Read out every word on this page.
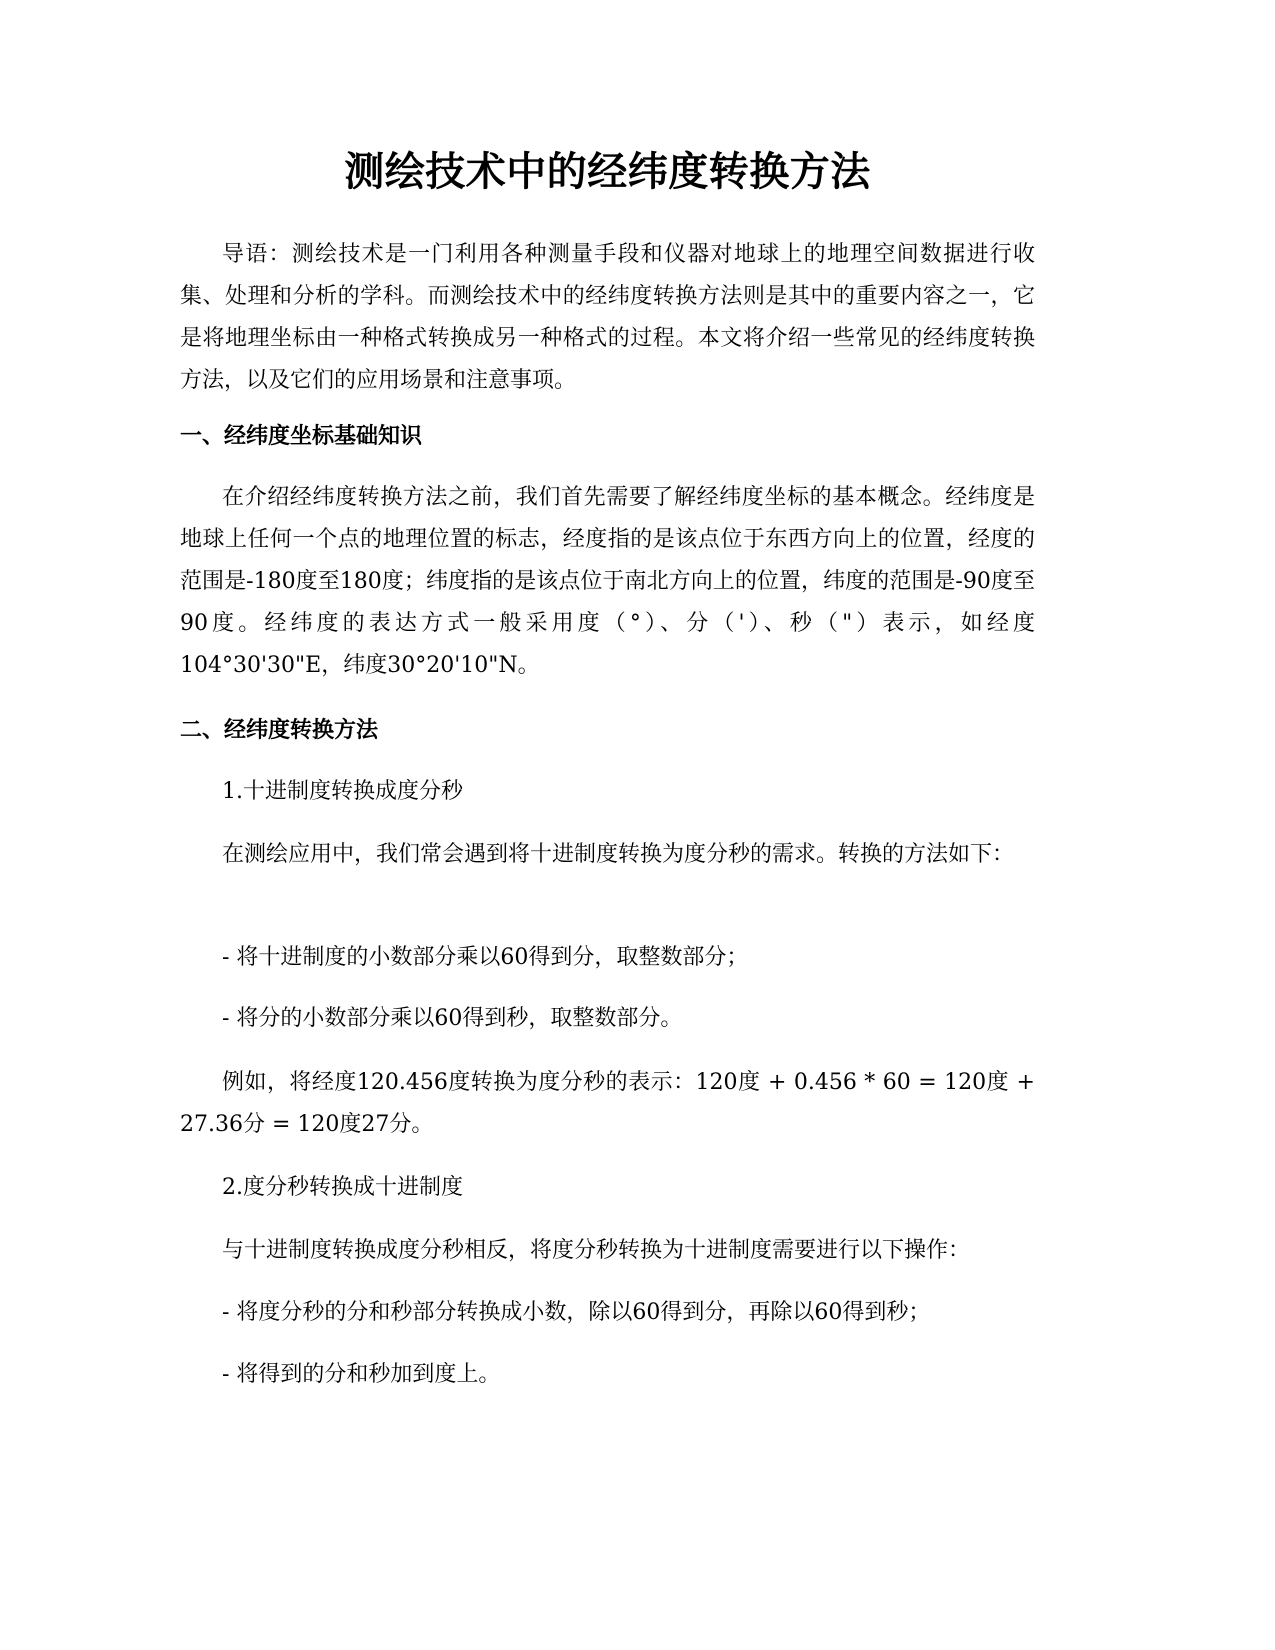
测绘技术中的经纬度转换方法

导语：测绘技术是一门利用各种测量手段和仪器对地球上的地理空间数据进行收集、处理和分析的学科。而测绘技术中的经纬度转换方法则是其中的重要内容之一，它是将地理坐标由一种格式转换成另一种格式的过程。本文将介绍一些常见的经纬度转换方法，以及它们的应用场景和注意事项。

一、经纬度坐标基础知识

在介绍经纬度转换方法之前，我们首先需要了解经纬度坐标的基本概念。经纬度是地球上任何一个点的地理位置的标志，经度指的是该点位于东西方向上的位置，经度的范围是-180度至180度；纬度指的是该点位于南北方向上的位置，纬度的范围是-90度至90度。经纬度的表达方式一般采用度（°）、分（'）、秒（"）表示，如经度104°30'30"E，纬度30°20'10"N。

二、经纬度转换方法

1.十进制度转换成度分秒

在测绘应用中，我们常会遇到将十进制度转换为度分秒的需求。转换的方法如下：

- 将十进制度的小数部分乘以60得到分，取整数部分；

- 将分的小数部分乘以60得到秒，取整数部分。

例如，将经度120.456度转换为度分秒的表示：120度 + 0.456 * 60 = 120度 + 27.36分 = 120度27分。

2.度分秒转换成十进制度

与十进制度转换成度分秒相反，将度分秒转换为十进制度需要进行以下操作：

- 将度分秒的分和秒部分转换成小数，除以60得到分，再除以60得到秒；

- 将得到的分和秒加到度上。
